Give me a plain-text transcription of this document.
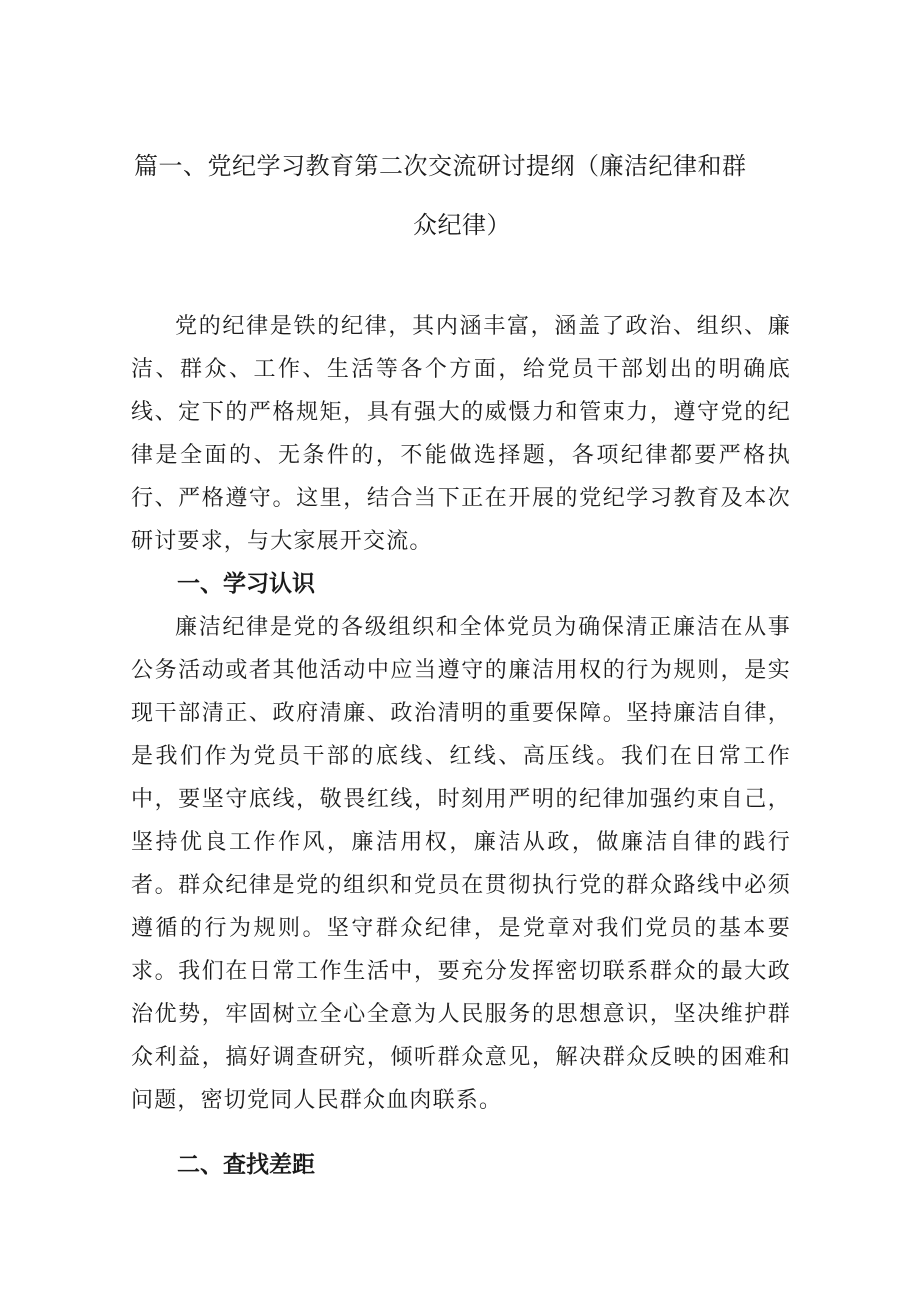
篇一、党纪学习教育第二次交流研讨提纲（廉洁纪律和群
众纪律）

党的纪律是铁的纪律，其内涵丰富，涵盖了政治、组织、廉洁、群众、工作、生活等各个方面，给党员干部划出的明确底线、定下的严格规矩，具有强大的威慑力和管束力，遵守党的纪律是全面的、无条件的，不能做选择题，各项纪律都要严格执行、严格遵守。这里，结合当下正在开展的党纪学习教育及本次研讨要求，与大家展开交流。

一、学习认识

廉洁纪律是党的各级组织和全体党员为确保清正廉洁在从事公务活动或者其他活动中应当遵守的廉洁用权的行为规则，是实现干部清正、政府清廉、政治清明的重要保障。坚持廉洁自律，是我们作为党员干部的底线、红线、高压线。我们在日常工作中，要坚守底线，敬畏红线，时刻用严明的纪律加强约束自己，坚持优良工作作风，廉洁用权，廉洁从政，做廉洁自律的践行者。群众纪律是党的组织和党员在贯彻执行党的群众路线中必须遵循的行为规则。坚守群众纪律，是党章对我们党员的基本要求。我们在日常工作生活中，要充分发挥密切联系群众的最大政治优势，牢固树立全心全意为人民服务的思想意识，坚决维护群众利益，搞好调查研究，倾听群众意见，解决群众反映的困难和问题，密切党同人民群众血肉联系。

二、查找差距
